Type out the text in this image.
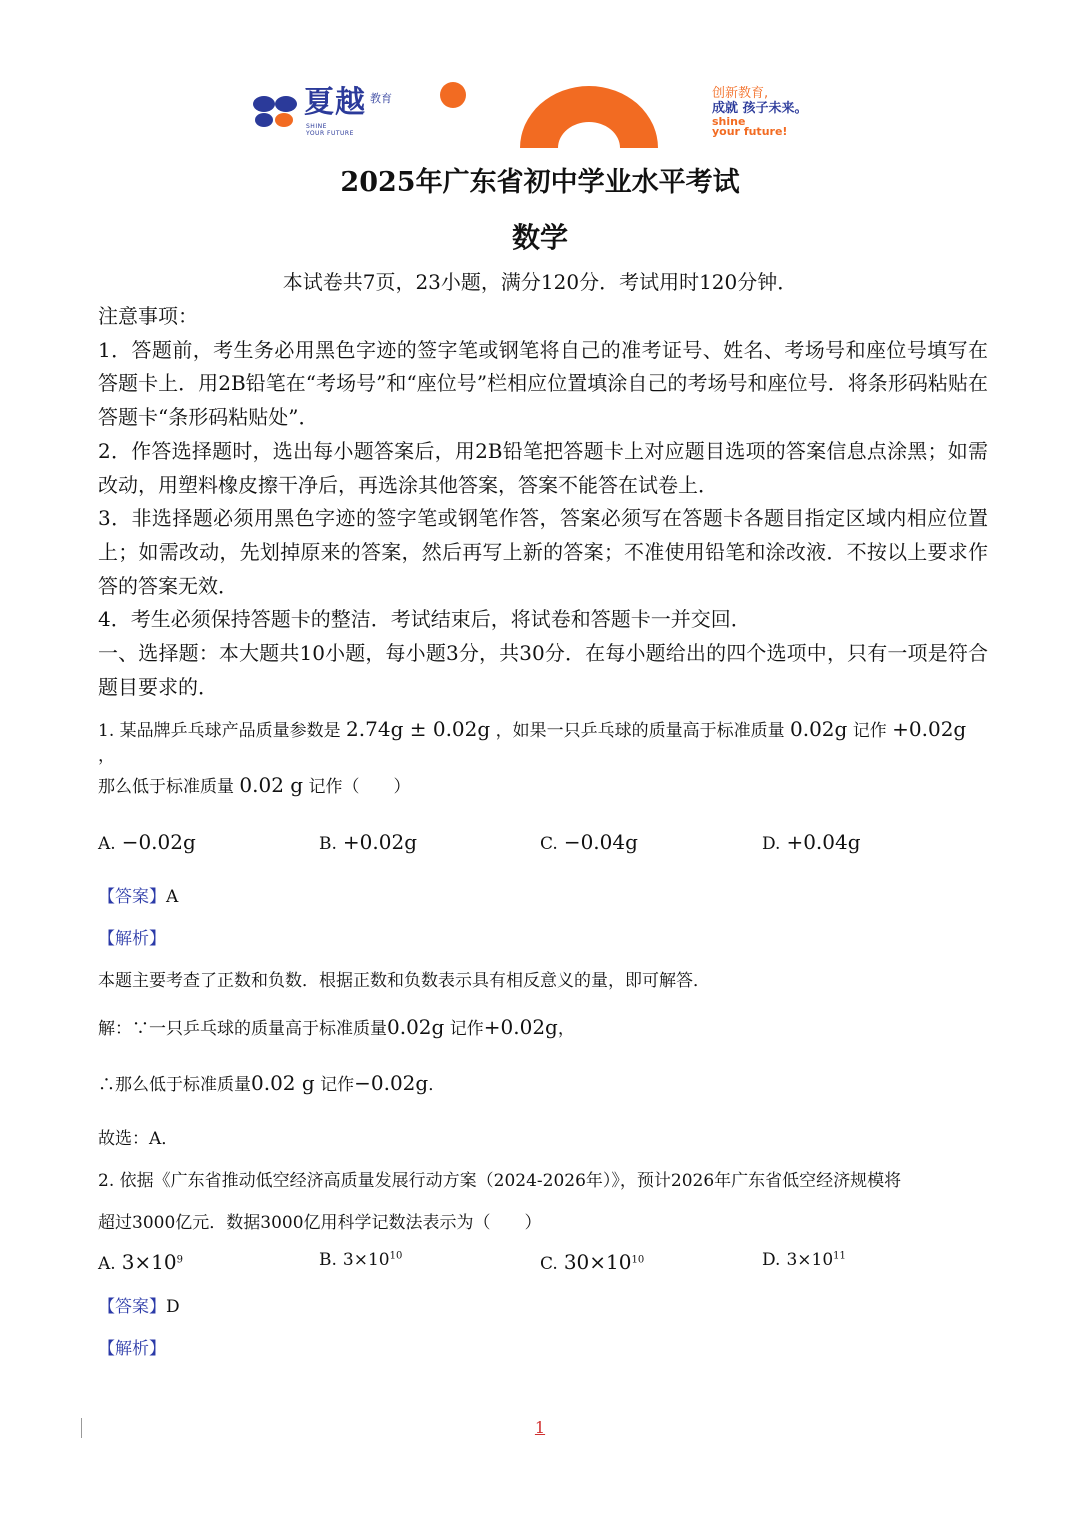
夏越 教育
SHINE
YOUR FUTURE
创新教育,
成就 孩子未来。
shine
your future!
2025年广东省初中学业水平考试
数学
本试卷共7页，23小题，满分120分．考试用时120分钟．

注意事项：

1．答题前，考生务必用黑色字迹的签字笔或钢笔将自己的准考证号、姓名、考场号和座位号填写在答题卡上．用2B铅笔在“考场号”和“座位号”栏相应位置填涂自己的考场号和座位号．将条形码粘贴在答题卡“条形码粘贴处”．

2．作答选择题时，选出每小题答案后，用2B铅笔把答题卡上对应题目选项的答案信息点涂黑；如需改动，用塑料橡皮擦干净后，再选涂其他答案，答案不能答在试卷上．

3．非选择题必须用黑色字迹的签字笔或钢笔作答，答案必须写在答题卡各题目指定区域内相应位置上；如需改动，先划掉原来的答案，然后再写上新的答案；不准使用铅笔和涂改液．不按以上要求作答的答案无效．

4．考生必须保持答题卡的整洁．考试结束后，将试卷和答题卡一并交回．

一、选择题：本大题共10小题，每小题3分，共30分．在每小题给出的四个选项中，只有一项是符合题目要求的．

1. 某品牌乒乓球产品质量参数是 2.74g ± 0.02g ，如果一只乒乓球的质量高于标准质量 0.02g 记作 +0.02g ，
那么低于标准质量 0.02 g 记作（　　）
A. −0.02g	B. +0.02g	C. −0.04g	D. +0.04g
【答案】A
【解析】
本题主要考查了正数和负数．根据正数和负数表示具有相反意义的量，即可解答．
解：∵一只乒乓球的质量高于标准质量0.02g 记作+0.02g，
∴那么低于标准质量0.02 g 记作−0.02g．
故选：A．
2. 依据《广东省推动低空经济高质量发展行动方案（2024-2026年）》，预计2026年广东省低空经济规模将
超过3000亿元．数据3000亿用科学记数法表示为（　　）
A. $3\times 10^9$	B. $3\times 10^{10}$	C. $30\times 10^{10}$	D. $3\times 10^{11}$
【答案】D
【解析】
1
